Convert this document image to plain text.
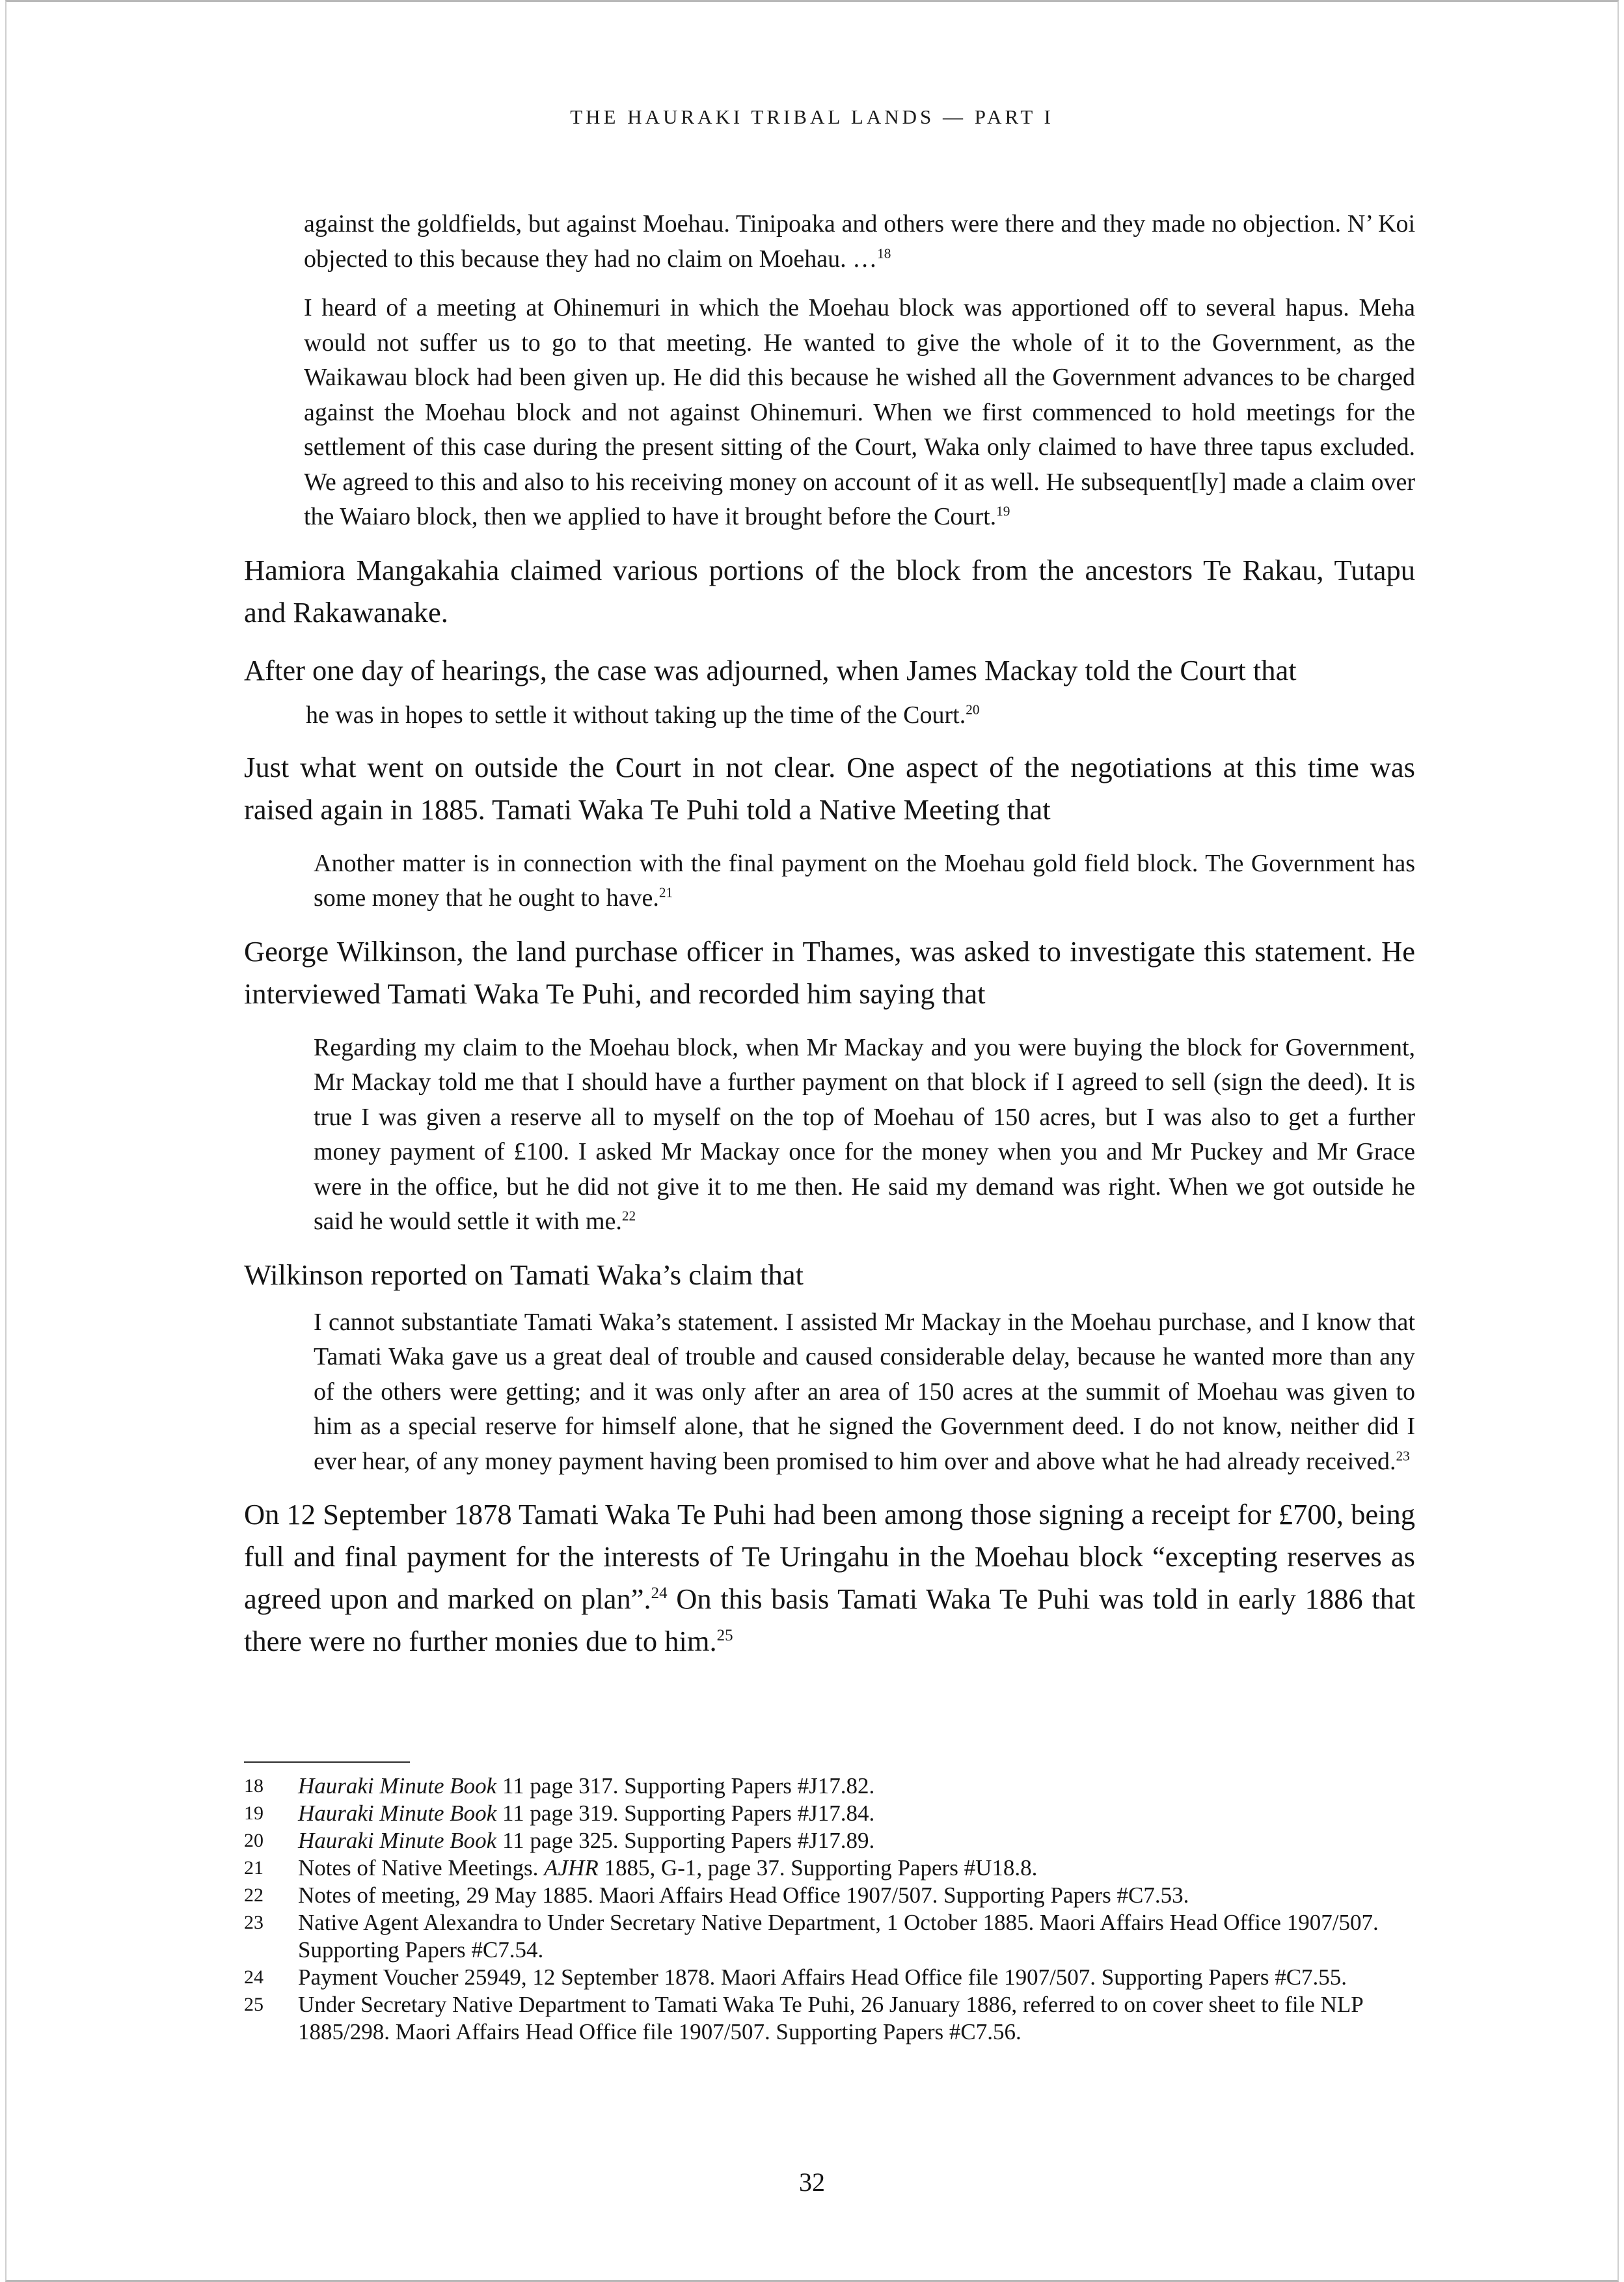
THE HAURAKI TRIBAL LANDS — PART I

against the goldfields, but against Moehau. Tinipoaka and others were there and they made no objection. N’ Koi objected to this because they had no claim on Moehau. …$^{18}$

I heard of a meeting at Ohinemuri in which the Moehau block was apportioned off to several hapus. Meha would not suffer us to go to that meeting. He wanted to give the whole of it to the Government, as the Waikawau block had been given up. He did this because he wished all the Government advances to be charged against the Moehau block and not against Ohinemuri. When we first commenced to hold meetings for the settlement of this case during the present sitting of the Court, Waka only claimed to have three tapus excluded. We agreed to this and also to his receiving money on account of it as well. He subsequent[ly] made a claim over the Waiaro block, then we applied to have it brought before the Court.$^{19}$

Hamiora Mangakahia claimed various portions of the block from the ancestors Te Rakau, Tutapu and Rakawanake.

After one day of hearings, the case was adjourned, when James Mackay told the Court that

he was in hopes to settle it without taking up the time of the Court.$^{20}$

Just what went on outside the Court in not clear. One aspect of the negotiations at this time was raised again in 1885. Tamati Waka Te Puhi told a Native Meeting that

Another matter is in connection with the final payment on the Moehau gold field block. The Government has some money that he ought to have.$^{21}$

George Wilkinson, the land purchase officer in Thames, was asked to investigate this statement. He interviewed Tamati Waka Te Puhi, and recorded him saying that

Regarding my claim to the Moehau block, when Mr Mackay and you were buying the block for Government, Mr Mackay told me that I should have a further payment on that block if I agreed to sell (sign the deed). It is true I was given a reserve all to myself on the top of Moehau of 150 acres, but I was also to get a further money payment of £100. I asked Mr Mackay once for the money when you and Mr Puckey and Mr Grace were in the office, but he did not give it to me then. He said my demand was right. When we got outside he said he would settle it with me.$^{22}$

Wilkinson reported on Tamati Waka’s claim that

I cannot substantiate Tamati Waka’s statement. I assisted Mr Mackay in the Moehau purchase, and I know that Tamati Waka gave us a great deal of trouble and caused considerable delay, because he wanted more than any of the others were getting; and it was only after an area of 150 acres at the summit of Moehau was given to him as a special reserve for himself alone, that he signed the Government deed. I do not know, neither did I ever hear, of any money payment having been promised to him over and above what he had already received.$^{23}$

On 12 September 1878 Tamati Waka Te Puhi had been among those signing a receipt for £700, being full and final payment for the interests of Te Uringahu in the Moehau block “excepting reserves as agreed upon and marked on plan”.$^{24}$ On this basis Tamati Waka Te Puhi was told in early 1886 that there were no further monies due to him.$^{25}$

18	Hauraki Minute Book 11 page 317. Supporting Papers #J17.82.
19	Hauraki Minute Book 11 page 319. Supporting Papers #J17.84.
20	Hauraki Minute Book 11 page 325. Supporting Papers #J17.89.
21	Notes of Native Meetings. AJHR 1885, G-1, page 37. Supporting Papers #U18.8.
22	Notes of meeting, 29 May 1885. Maori Affairs Head Office 1907/507. Supporting Papers #C7.53.
23	Native Agent Alexandra to Under Secretary Native Department, 1 October 1885. Maori Affairs Head Office 1907/507. Supporting Papers #C7.54.
24	Payment Voucher 25949, 12 September 1878. Maori Affairs Head Office file 1907/507. Supporting Papers #C7.55.
25	Under Secretary Native Department to Tamati Waka Te Puhi, 26 January 1886, referred to on cover sheet to file NLP 1885/298. Maori Affairs Head Office file 1907/507. Supporting Papers #C7.56.
32
